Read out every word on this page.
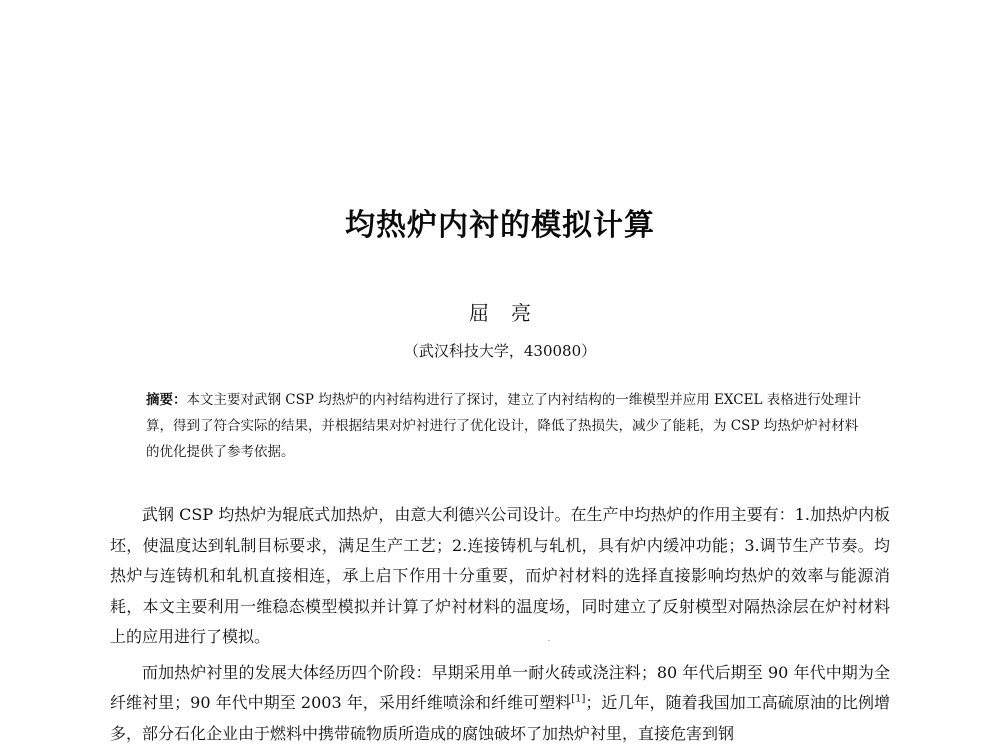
均热炉内衬的模拟计算
屈亮
（武汉科技大学，430080）
摘要：本文主要对武钢 CSP 均热炉的内衬结构进行了探讨，建立了内衬结构的一维模型并应用 EXCEL 表格进行处理计算，得到了符合实际的结果，并根据结果对炉衬进行了优化设计，降低了热损失，减少了能耗，为 CSP 均热炉炉衬材料的优化提供了参考依据。

武钢 CSP 均热炉为辊底式加热炉，由意大利德兴公司设计。在生产中均热炉的作用主要有：1.加热炉内板坯，使温度达到轧制目标要求，满足生产工艺；2.连接铸机与轧机，具有炉内缓冲功能；3.调节生产节奏。均热炉与连铸机和轧机直接相连，承上启下作用十分重要，而炉衬材料的选择直接影响均热炉的效率与能源消耗，本文主要利用一维稳态模型模拟并计算了炉衬材料的温度场，同时建立了反射模型对隔热涂层在炉衬材料上的应用进行了模拟。

而加热炉衬里的发展大体经历四个阶段：早期采用单一耐火砖或浇注料；80 年代后期至 90 年代中期为全纤维衬里；90 年代中期至 2003 年，采用纤维喷涂和纤维可塑料[1]；近几年，随着我国加工高硫原油的比例增多，部分石化企业由于燃料中携带硫物质所造成的腐蚀破坏了加热炉衬里，直接危害到钢
